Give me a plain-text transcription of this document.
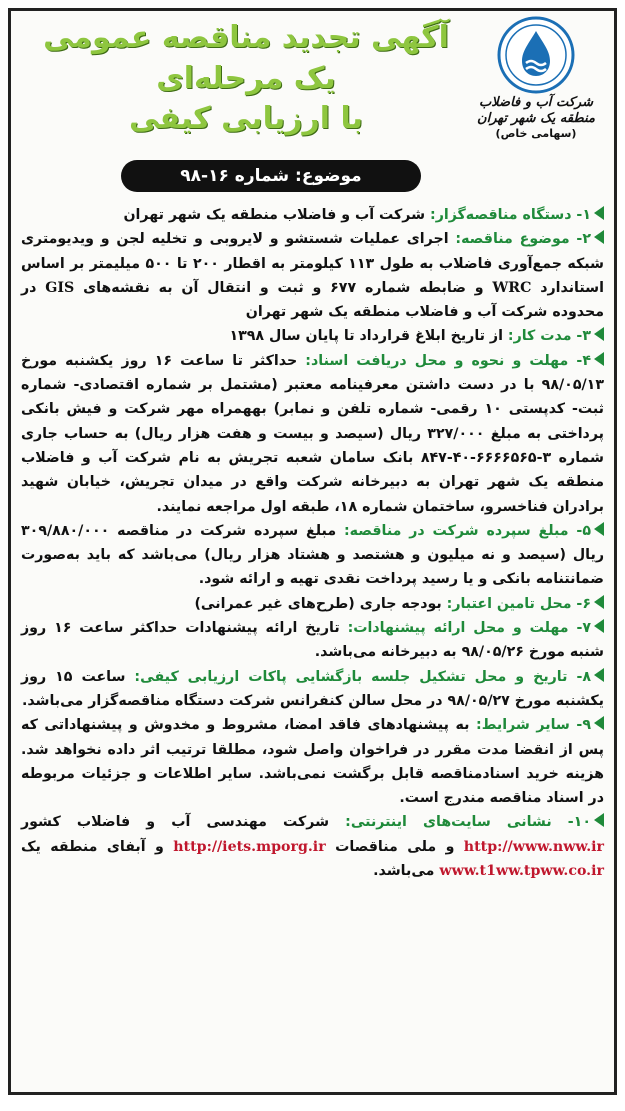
آگهی تجدید مناقصه عمومی
یک مرحله‌ای
با ارزیابی کیفی	شرکت آب و فاضلاب
منطقه یک شهر تهران
(سهامی خاص)
موضوع: شماره ۱۶-۹۸

۱- دستگاه مناقصه‌گزار: شرکت آب و فاضلاب منطقه یک شهر تهران

۲- موضوع مناقصه: اجرای عملیات شستشو و لایروبی و تخلیه لجن و ویدیومتری شبکه جمع‌آوری فاضلاب به طول ۱۱۳ کیلومتر به اقطار ۲۰۰ تا ۵۰۰ میلیمتر بر اساس استاندارد WRC و ضابطه شماره ۶۷۷ و ثبت و انتقال آن به نقشه‌های GIS در محدوده شرکت آب و فاضلاب منطقه یک شهر تهران

۳- مدت کار: از تاریخ ابلاغ قرارداد تا پایان سال ۱۳۹۸

۴- مهلت و نحوه و محل دریافت اسناد: حداکثر تا ساعت ۱۶ روز یکشنبه مورخ ۹۸/۰۵/۱۳ با در دست داشتن معرفینامه معتبر (مشتمل بر شماره اقتصادی- شماره ثبت- کدپستی ۱۰ رقمی- شماره تلفن و نمابر) بههمراه مهر شرکت و فیش بانکی پرداختی به مبلغ ۳۲۷/۰۰۰ ریال (سیصد و بیست و هفت هزار ریال) به حساب جاری شماره ۳-۶۶۶۶۵۶۵-۴۰-۸۴۷ بانک سامان شعبه تجریش به نام شرکت آب و فاضلاب منطقه یک شهر تهران به دبیرخانه شرکت واقع در میدان تجریش، خیابان شهید برادران فناخسرو، ساختمان شماره ۱۸، طبقه اول مراجعه نمایند.

۵- مبلغ سپرده شرکت در مناقصه: مبلغ سپرده شرکت در مناقصه ۳۰۹/۸۸۰/۰۰۰ ریال (سیصد و نه میلیون و هشتصد و هشتاد هزار ریال) می‌باشد که باید به‌صورت ضمانتنامه بانکی و یا رسید پرداخت نقدی تهیه و ارائه شود.

۶- محل تامین اعتبار: بودجه جاری (طرح‌های غیر عمرانی)

۷- مهلت و محل ارائه پیشنهادات: تاریخ ارائه پیشنهادات حداکثر ساعت ۱۶ روز شنبه مورخ ۹۸/۰۵/۲۶ به دبیرخانه می‌باشد.

۸- تاریخ و محل تشکیل جلسه بازگشایی پاکات ارزیابی کیفی: ساعت ۱۵ روز یکشنبه مورخ ۹۸/۰۵/۲۷ در محل سالن کنفرانس شرکت دستگاه مناقصه‌گزار می‌باشد.

۹- سایر شرایط: به پیشنهادهای فاقد امضا، مشروط و مخدوش و پیشنهاداتی که پس از انقضا مدت مقرر در فراخوان واصل شود، مطلقا ترتیب اثر داده نخواهد شد. هزینه خرید اسنادمناقصه قابل برگشت نمی‌باشد. سایر اطلاعات و جزئیات مربوطه در اسناد مناقصه مندرج است.

۱۰- نشانی سایت‌های اینترنتی: شرکت مهندسی آب و فاضلاب کشور http://www.nww.ir و ملی مناقصات http://iets.mporg.ir و آبفای منطقه یک www.t1ww.tpww.co.ir می‌باشد.
